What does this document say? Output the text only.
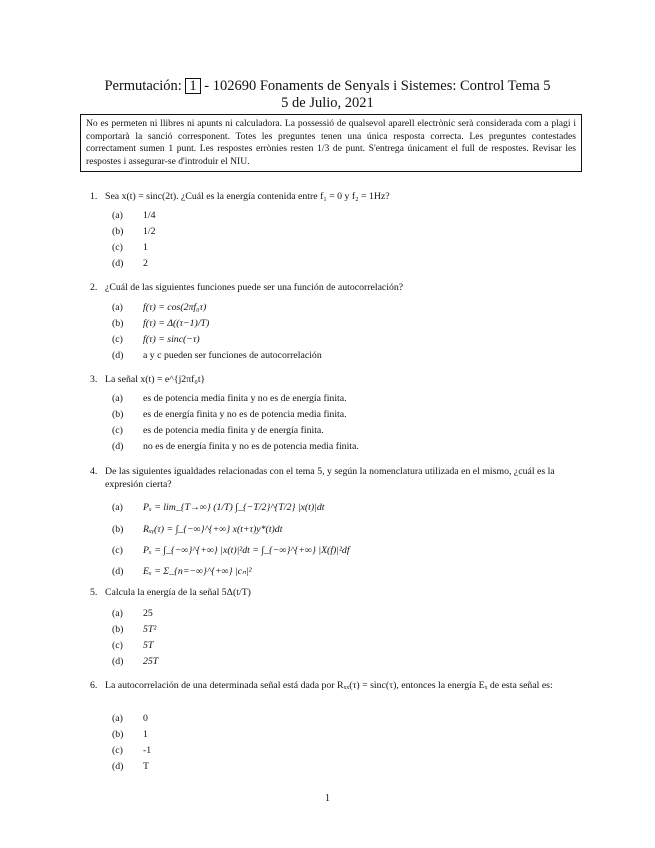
Permutación: 1 - 102690 Fonaments de Senyals i Sistemes: Control Tema 5
5 de Julio, 2021
No es permeten ni llibres ni apunts ni calculadora. La possessió de qualsevol aparell electrònic serà considerada com a plagi i comportarà la sanció corresponent. Totes les preguntes tenen una única resposta correcta. Les preguntes contestades correctament sumen 1 punt. Les respostes errònies resten 1/3 de punt. S'entrega únicament el full de respostes. Revisar les respostes i assegurar-se d'introduir el NIU.
1. Sea x(t) = sinc(2t). ¿Cuál es la energía contenida entre f₁ = 0 y f₂ = 1Hz?
(a)	1/4
(b)	1/2
(c)	1
(d)	2
2. ¿Cuál de las siguientes funciones puede ser una función de autocorrelación?
(a)	f(τ) = cos(2πf₀τ)
(b)	f(τ) = Δ((τ−1)/T)
(c)	f(τ) = sinc(−τ)
(d)	a y c pueden ser funciones de autocorrelación
3. La señal x(t) = e^{j2πf₀t}
(a)	es de potencia media finita y no es de energía finita.
(b)	es de energía finita y no es de potencia media finita.
(c)	es de potencia media finita y de energía finita.
(d)	no es de energía finita y no es de potencia media finita.
4. De las siguientes igualdades relacionadas con el tema 5, y según la nomenclatura utilizada en el mismo, ¿cuál es la expresión cierta?
(a)	Pₓ = lim_{T→∞} (1/T) ∫_{−T/2}^{T/2} |x(t)|dt
(b)	Rₓᵧ(τ) = ∫_{−∞}^{+∞} x(t+τ)y*(t)dt
(c)	Pₓ = ∫_{−∞}^{+∞} |x(t)|²dt = ∫_{−∞}^{+∞} |X(f)|²df
(d)	Eₓ = Σ_{n=−∞}^{+∞} |cₙ|²
5. Calcula la energía de la señal 5Δ(t/T)
(a)	25
(b)	5T²
(c)	5T
(d)	25T
6. La autocorrelación de una determinada señal está dada por Rₓₓ(τ) = sinc(τ), entonces la energía Eₓ de esta señal es:
(a)	0
(b)	1
(c)	-1
(d)	T
1
